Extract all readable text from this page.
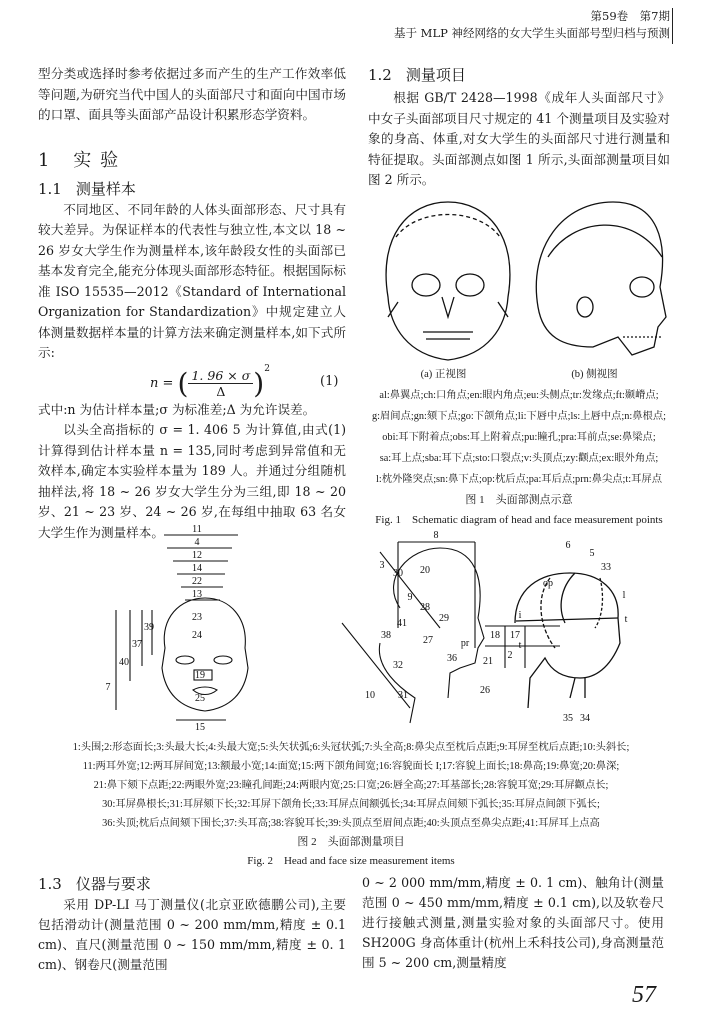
第59卷　第7期
基于 MLP 神经网络的女大学生头面部号型归档与预测

型分类或选择时参考依据过多而产生的生产工作效率低等问题,为研究当代中国人的头面部尺寸和面向中国市场的口罩、面具等头面部产品设计积累形态学资料。

1 实验
1.1 测量样本

不同地区、不同年龄的人体头面部形态、尺寸具有较大差异。为保证样本的代表性与独立性,本文以 18 ~ 26 岁女大学生作为测量样本,该年龄段女性的头面部已基本发育完全,能充分体现头面部形态特征。根据国际标准 ISO 15535—2012《Standard of International Organization for Standardization》中规定建立人体测量数据样本量的计算方法来确定测量样本,如下式所示:

n = ( $\frac{1. 96 \times \sigma}{\Delta} )^2$
(1)

式中:n 为估计样本量;σ 为标准差;Δ 为允许误差。

以头全高指标的 σ = 1. 406 5 为计算值,由式(1)计算得到估计样本量 n = 135,同时考虑到异常值和无效样本,确定本实验样本量为 189 人。并通过分组随机抽样法,将 18 ~ 26 岁女大学生分为三组,即 18 ~ 20 岁、21 ~ 23 岁、24 ~ 26 岁,在每组中抽取 63 名女大学生作为测量样本。

1.2 测量项目

根据 GB/T 2428—1998《成年人头面部尺寸》中女子头面部项目尺寸规定的 41 个测量项目及实验对象的身高、体重,对女大学生的头面部尺寸进行测量和特征提取。头面部测点如图 1 所示,头面部测量项目如图 2 所示。

(a) 正视图	(b) 侧视图
al:鼻翼点;ch:口角点;en:眼内角点;eu:头侧点;tr:发缘点;ft:颞嵴点;
g:眉间点;gn:颏下点;go:下颌角点;li:下唇中点;ls:上唇中点;n:鼻根点;
obi:耳下附着点;obs:耳上附着点;pu:瞳孔;pra:耳前点;se:鼻梁点;
sa:耳上点;sba:耳下点;sto:口裂点;v:头顶点;zy:颧点;ex:眼外角点;
l:枕外隆突点;sn:鼻下点;op:枕后点;pa:耳后点;prn:鼻尖点;t:耳屏点
图 1　头面部测点示意
Fig. 1　Schematic diagram of head and face measurement points
11
4
12
14
22
13
23
24
19
25
15
7
40
37
39
8
3
30 20
9
28
29
41
38	27
36
pr
18 17
2
21
26
32
31
10
6
5
33
op
l
i	t
t
35 34
1:头围;2:形态面长;3:头最大长;4:头最大宽;5:头矢状弧;6:头冠状弧;7:头全高;8:鼻尖点至枕后点距;9:耳屏至枕后点距;10:头斜长;
11:两耳外宽;12:两耳屏间宽;13:额最小宽;14:面宽;15:两下颌角间宽;16:容貌面长 I;17:容貌上面长;18:鼻高;19:鼻宽;20:鼻深;
21:鼻下颏下点距;22:两眼外宽;23:瞳孔间距;24:两眼内宽;25:口宽;26:唇全高;27:耳基部长;28:容貌耳宽;29:耳屏颧点长;
30:耳屏鼻根长;31:耳屏颏下长;32:耳屏下颌角长;33:耳屏点间额弧长;34:耳屏点间颏下弧长;35:耳屏点间颌下弧长;
36:头顶;枕后点间颏下围长;37:头耳高;38:容貌耳长;39:头顶点至眉间点距;40:头顶点至鼻尖点距;41:耳屏耳上点高
图 2　头面部测量项目
Fig. 2　Head and face size measurement items
1.3 仪器与要求

采用 DP-LI 马丁测量仪(北京亚欧德鹏公司),主要包括滑动计(测量范围 0 ~ 200 mm/mm,精度 ± 0.1 cm)、直尺(测量范围 0 ~ 150 mm/mm,精度 ± 0. 1 cm)、钢卷尺(测量范围

0 ~ 2 000 mm/mm,精度 ± 0. 1 cm)、触角计(测量范围 0 ~ 450 mm/mm,精度 ± 0.1 cm),以及软卷尺进行接触式测量,测量实验对象的头面部尺寸。使用 SH200G 身高体重计(杭州上禾科技公司),身高测量范围 5 ~ 200 cm,测量精度

57
